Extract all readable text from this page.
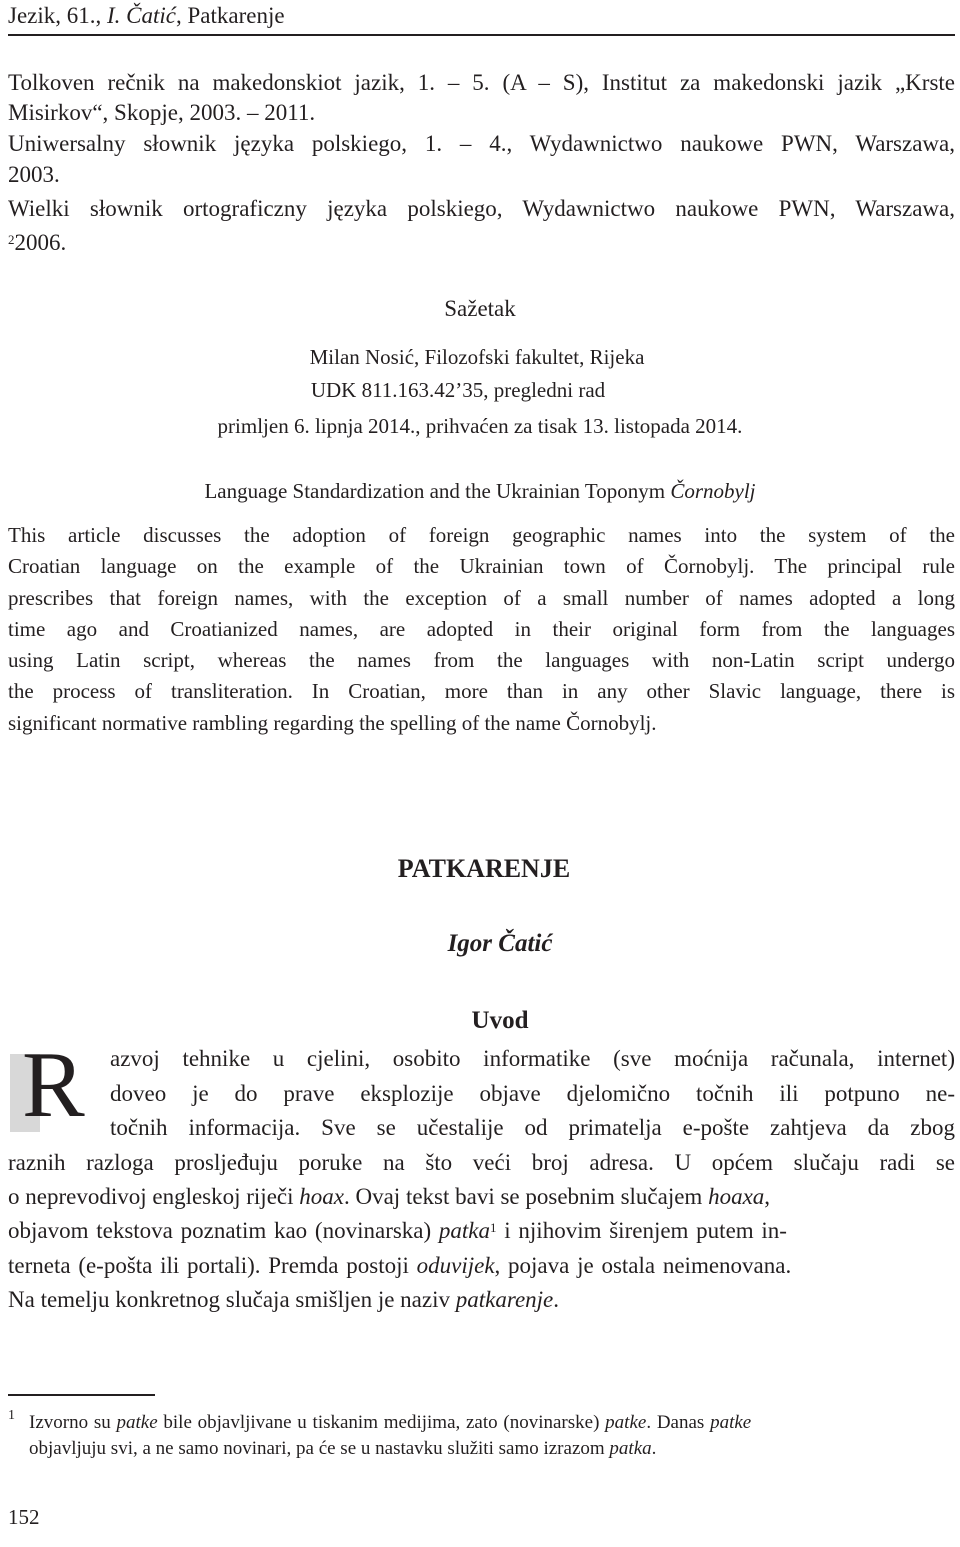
Jezik, 61., I. Čatić, Patkarenje
Tolkoven rečnik na makedonskiot jazik, 1. – 5. (A – S), Institut za makedonski jazik „Krste
Misirkov“, Skopje, 2003. – 2011.
Uniwersalny słownik języka polskiego, 1. – 4., Wydawnictwo naukowe PWN, Warszawa,
2003.
Wielki słownik ortograficzny języka polskiego, Wydawnictwo naukowe PWN, Warszawa,
$^2$2006.
Sažetak
Milan Nosić, Filozofski fakultet, Rijeka
UDK 811.163.42’35, pregledni rad
primljen 6. lipnja 2014., prihvaćen za tisak 13. listopada 2014.
Language Standardization and the Ukrainian Toponym Čornobylj
This article discusses the adoption of foreign geographic names into the system of the
Croatian language on the example of the Ukrainian town of Čornobylj. The principal rule
prescribes that foreign names, with the exception of a small number of names adopted a long
time ago and Croatianized names, are adopted in their original form from the languages
using Latin script, whereas the names from the languages with non-Latin script undergo
the process of transliteration. In Croatian, more than in any other Slavic language, there is
significant normative rambling regarding the spelling of the name Čornobylj.
PATKARENJE
Igor Čatić
Uvod
R azvoj tehnike u cjelini, osobito informatike (sve moćnija računala, internet)
doveo je do prave eksplozije objave djelomično točnih ili potpuno ne-
točnih informacija. Sve se učestalije od primatelja e-pošte zahtjeva da zbog
raznih razloga prosljeđuju poruke na što veći broj adresa. U općem slučaju radi se
o neprevodivoj engleskoj riječi hoax. Ovaj tekst bavi se posebnim slučajem hoaxa,
objavom tekstova poznatim kao (novinarska) patka$^1$ i njihovim širenjem putem in-
terneta (e-pošta ili portali). Premda postoji oduvijek, pojava je ostala neimenovana.
Na temelju konkretnog slučaja smišljen je naziv patkarenje.
1 Izvorno su patke bile objavljivane u tiskanim medijima, zato (novinarske) patke. Danas patke
objavljuju svi, a ne samo novinari, pa će se u nastavku služiti samo izrazom patka.
152
